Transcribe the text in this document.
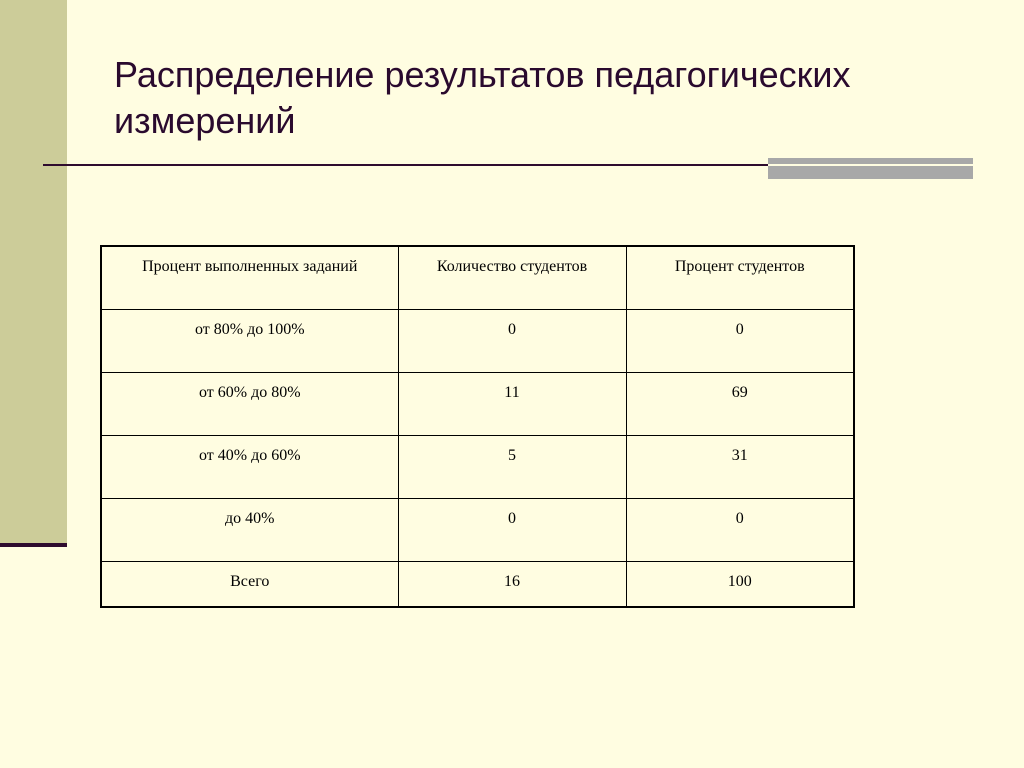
Распределение результатов педагогических измерений
Процент выполненных заданий	Количество студентов	Процент студентов
от 80% до 100%	0	0
от 60% до 80%	11	69
от 40% до 60%	5	31
до 40%	0	0
Всего	16	100
